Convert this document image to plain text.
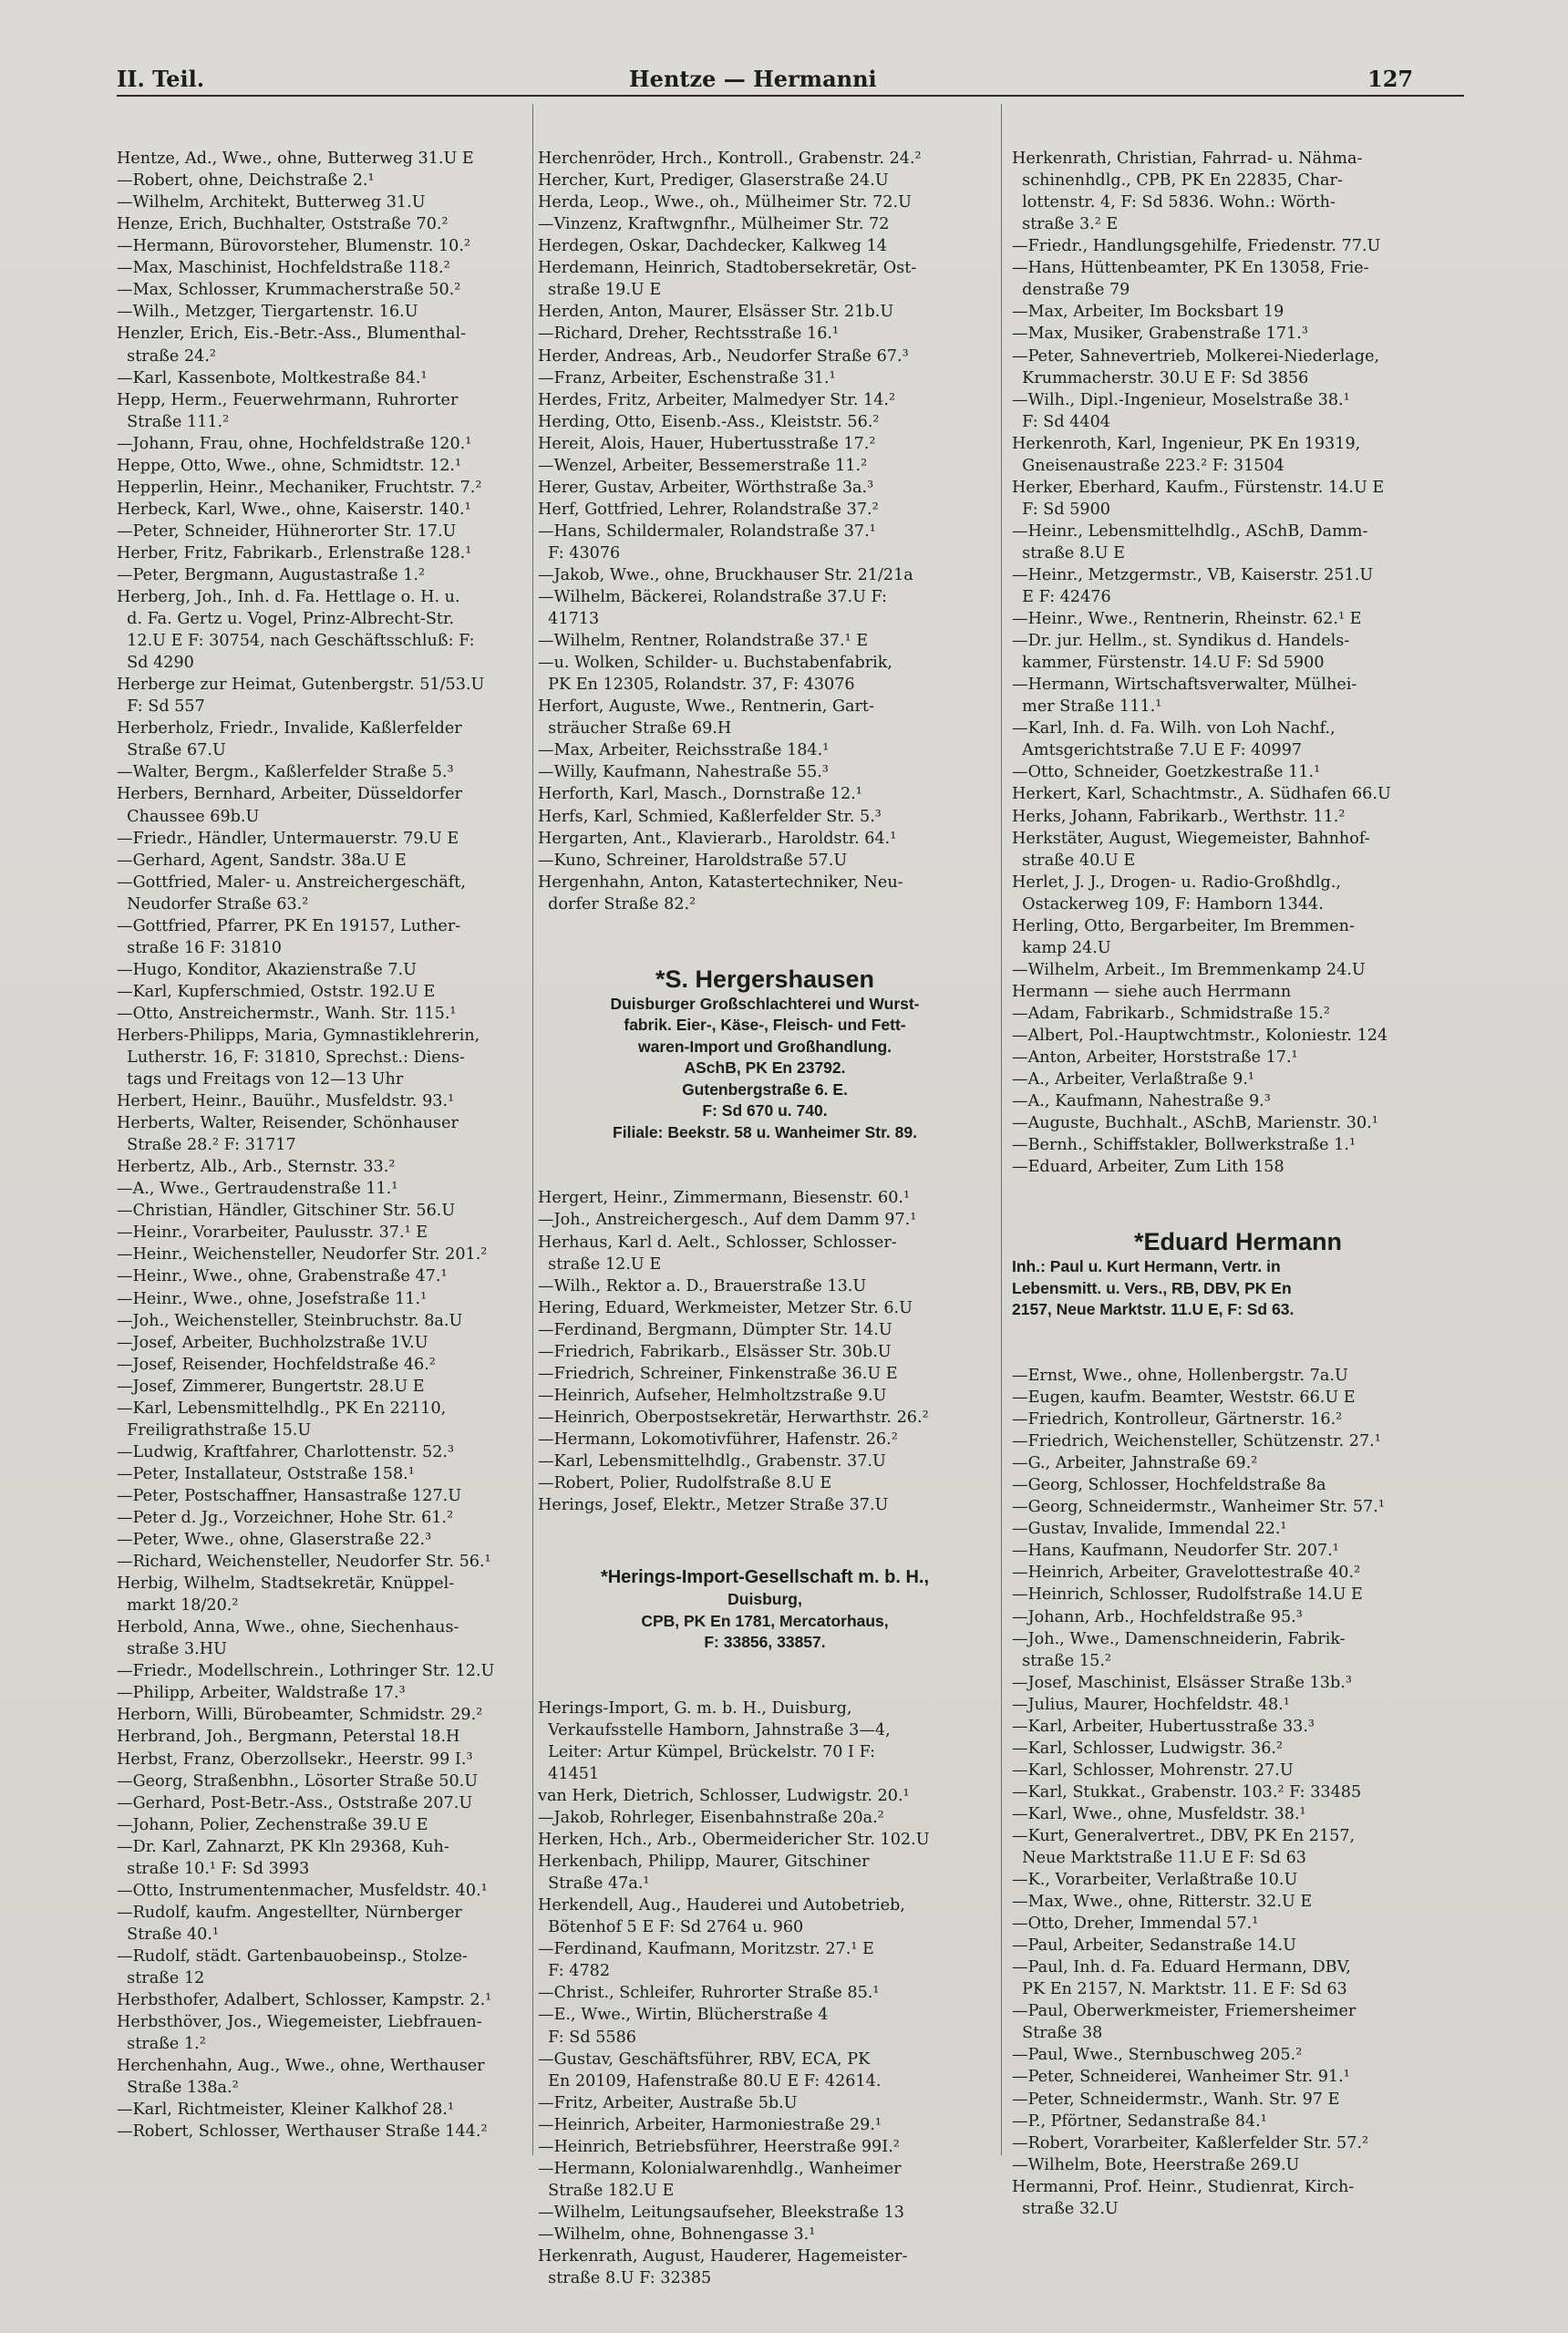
II. Teil.	Hentze — Hermanni	127

Hentze, Ad., Wwe., ohne, Butterweg 31.U E
—Robert, ohne, Deichstraße 2.¹
—Wilhelm, Architekt, Butterweg 31.U
Henze, Erich, Buchhalter, Oststraße 70.²
—Hermann, Bürovorsteher, Blumenstr. 10.²
—Max, Maschinist, Hochfeldstraße 118.²
—Max, Schlosser, Krummacherstraße 50.²
—Wilh., Metzger, Tiergartenstr. 16.U
Henzler, Erich, Eis.-Betr.-Ass., Blumenthal-
straße 24.²
—Karl, Kassenbote, Moltkestraße 84.¹
Hepp, Herm., Feuerwehrmann, Ruhrorter
Straße 111.²
—Johann, Frau, ohne, Hochfeldstraße 120.¹
Heppe, Otto, Wwe., ohne, Schmidtstr. 12.¹
Hepperlin, Heinr., Mechaniker, Fruchtstr. 7.²
Herbeck, Karl, Wwe., ohne, Kaiserstr. 140.¹
—Peter, Schneider, Hühnerorter Str. 17.U
Herber, Fritz, Fabrikarb., Erlenstraße 128.¹
—Peter, Bergmann, Augustastraße 1.²
Herberg, Joh., Inh. d. Fa. Hettlage o. H. u.
d. Fa. Gertz u. Vogel, Prinz-Albrecht-Str.
12.U E F: 30754, nach Geschäftsschluß: F:
Sd 4290
Herberge zur Heimat, Gutenbergstr. 51/53.U
F: Sd 557
Herberholz, Friedr., Invalide, Kaßlerfelder
Straße 67.U
—Walter, Bergm., Kaßlerfelder Straße 5.³
Herbers, Bernhard, Arbeiter, Düsseldorfer
Chaussee 69b.U
—Friedr., Händler, Untermauerstr. 79.U E
—Gerhard, Agent, Sandstr. 38a.U E
—Gottfried, Maler- u. Anstreichergeschäft,
Neudorfer Straße 63.²
—Gottfried, Pfarrer, PK En 19157, Luther-
straße 16 F: 31810
—Hugo, Konditor, Akazienstraße 7.U
—Karl, Kupferschmied, Oststr. 192.U E
—Otto, Anstreichermstr., Wanh. Str. 115.¹
Herbers-Philipps, Maria, Gymnastiklehrerin,
Lutherstr. 16, F: 31810, Sprechst.: Diens-
tags und Freitags von 12—13 Uhr
Herbert, Heinr., Bauühr., Musfeldstr. 93.¹
Herberts, Walter, Reisender, Schönhauser
Straße 28.² F: 31717
Herbertz, Alb., Arb., Sternstr. 33.²
—A., Wwe., Gertraudenstraße 11.¹
—Christian, Händler, Gitschiner Str. 56.U
—Heinr., Vorarbeiter, Paulusstr. 37.¹ E
—Heinr., Weichensteller, Neudorfer Str. 201.²
—Heinr., Wwe., ohne, Grabenstraße 47.¹
—Heinr., Wwe., ohne, Josefstraße 11.¹
—Joh., Weichensteller, Steinbruchstr. 8a.U
—Josef, Arbeiter, Buchholzstraße 1V.U
—Josef, Reisender, Hochfeldstraße 46.²
—Josef, Zimmerer, Bungertstr. 28.U E
—Karl, Lebensmittelhdlg., PK En 22110,
Freiligrathstraße 15.U
—Ludwig, Kraftfahrer, Charlottenstr. 52.³
—Peter, Installateur, Oststraße 158.¹
—Peter, Postschaffner, Hansastraße 127.U
—Peter d. Jg., Vorzeichner, Hohe Str. 61.²
—Peter, Wwe., ohne, Glaserstraße 22.³
—Richard, Weichensteller, Neudorfer Str. 56.¹
Herbig, Wilhelm, Stadtsekretär, Knüppel-
markt 18/20.²
Herbold, Anna, Wwe., ohne, Siechenhaus-
straße 3.HU
—Friedr., Modellschrein., Lothringer Str. 12.U
—Philipp, Arbeiter, Waldstraße 17.³
Herborn, Willi, Bürobeamter, Schmidstr. 29.²
Herbrand, Joh., Bergmann, Peterstal 18.H
Herbst, Franz, Oberzollsekr., Heerstr. 99 I.³
—Georg, Straßenbhn., Lösorter Straße 50.U
—Gerhard, Post-Betr.-Ass., Oststraße 207.U
—Johann, Polier, Zechenstraße 39.U E
—Dr. Karl, Zahnarzt, PK Kln 29368, Kuh-
straße 10.¹ F: Sd 3993
—Otto, Instrumentenmacher, Musfeldstr. 40.¹
—Rudolf, kaufm. Angestellter, Nürnberger
Straße 40.¹
—Rudolf, städt. Gartenbauobeinsp., Stolze-
straße 12
Herbsthofer, Adalbert, Schlosser, Kampstr. 2.¹
Herbsthöver, Jos., Wiegemeister, Liebfrauen-
straße 1.²
Herchenhahn, Aug., Wwe., ohne, Werthauser
Straße 138a.²
—Karl, Richtmeister, Kleiner Kalkhof 28.¹
—Robert, Schlosser, Werthauser Straße 144.²

Herchenröder, Hrch., Kontroll., Grabenstr. 24.²
Hercher, Kurt, Prediger, Glaserstraße 24.U
Herda, Leop., Wwe., oh., Mülheimer Str. 72.U
—Vinzenz, Kraftwgnfhr., Mülheimer Str. 72
Herdegen, Oskar, Dachdecker, Kalkweg 14
Herdemann, Heinrich, Stadtobersekretär, Ost-
straße 19.U E
Herden, Anton, Maurer, Elsässer Str. 21b.U
—Richard, Dreher, Rechtsstraße 16.¹
Herder, Andreas, Arb., Neudorfer Straße 67.³
—Franz, Arbeiter, Eschenstraße 31.¹
Herdes, Fritz, Arbeiter, Malmedyer Str. 14.²
Herding, Otto, Eisenb.-Ass., Kleiststr. 56.²
Hereit, Alois, Hauer, Hubertusstraße 17.²
—Wenzel, Arbeiter, Bessemerstraße 11.²
Herer, Gustav, Arbeiter, Wörthstraße 3a.³
Herf, Gottfried, Lehrer, Rolandstraße 37.²
—Hans, Schildermaler, Rolandstraße 37.¹
F: 43076
—Jakob, Wwe., ohne, Bruckhauser Str. 21/21a
—Wilhelm, Bäckerei, Rolandstraße 37.U F:
41713
—Wilhelm, Rentner, Rolandstraße 37.¹ E
—u. Wolken, Schilder- u. Buchstabenfabrik,
PK En 12305, Rolandstr. 37, F: 43076
Herfort, Auguste, Wwe., Rentnerin, Gart-
sträucher Straße 69.H
—Max, Arbeiter, Reichsstraße 184.¹
—Willy, Kaufmann, Nahestraße 55.³
Herforth, Karl, Masch., Dornstraße 12.¹
Herfs, Karl, Schmied, Kaßlerfelder Str. 5.³
Hergarten, Ant., Klavierarb., Haroldstr. 64.¹
—Kuno, Schreiner, Haroldstraße 57.U
Hergenhahn, Anton, Katastertechniker, Neu-
dorfer Straße 82.²

*S. Hergershausen
Duisburger Großschlachterei und Wurst-
fabrik. Eier-, Käse-, Fleisch- und Fett-
waren-Import und Großhandlung.
ASchB, PK En 23792.
Gutenbergstraße 6. E.
F: Sd 670 u. 740.
Filiale: Beekstr. 58 u. Wanheimer Str. 89.

Hergert, Heinr., Zimmermann, Biesenstr. 60.¹
—Joh., Anstreichergesch., Auf dem Damm 97.¹
Herhaus, Karl d. Aelt., Schlosser, Schlosser-
straße 12.U E
—Wilh., Rektor a. D., Brauerstraße 13.U
Hering, Eduard, Werkmeister, Metzer Str. 6.U
—Ferdinand, Bergmann, Dümpter Str. 14.U
—Friedrich, Fabrikarb., Elsässer Str. 30b.U
—Friedrich, Schreiner, Finkenstraße 36.U E
—Heinrich, Aufseher, Helmholtzstraße 9.U
—Heinrich, Oberpostsekretär, Herwarthstr. 26.²
—Hermann, Lokomotivführer, Hafenstr. 26.²
—Karl, Lebensmittelhdlg., Grabenstr. 37.U
—Robert, Polier, Rudolfstraße 8.U E
Herings, Josef, Elektr., Metzer Straße 37.U

*Herings-Import-Gesellschaft m. b. H.,
Duisburg,
CPB, PK En 1781, Mercatorhaus,
F: 33856, 33857.

Herings-Import, G. m. b. H., Duisburg,
Verkaufsstelle Hamborn, Jahnstraße 3—4,
Leiter: Artur Kümpel, Brückelstr. 70 I F:
41451
van Herk, Dietrich, Schlosser, Ludwigstr. 20.¹
—Jakob, Rohrleger, Eisenbahnstraße 20a.²
Herken, Hch., Arb., Obermeidericher Str. 102.U
Herkenbach, Philipp, Maurer, Gitschiner
Straße 47a.¹
Herkendell, Aug., Hauderei und Autobetrieb,
Bötenhof 5 E F: Sd 2764 u. 960
—Ferdinand, Kaufmann, Moritzstr. 27.¹ E
F: 4782
—Christ., Schleifer, Ruhrorter Straße 85.¹
—E., Wwe., Wirtin, Blücherstraße 4
F: Sd 5586
—Gustav, Geschäftsführer, RBV, ECA, PK
En 20109, Hafenstraße 80.U E F: 42614.
—Fritz, Arbeiter, Austraße 5b.U
—Heinrich, Arbeiter, Harmoniestraße 29.¹
—Heinrich, Betriebsführer, Heerstraße 99I.²
—Hermann, Kolonialwarenhdlg., Wanheimer
Straße 182.U E
—Wilhelm, Leitungsaufseher, Bleekstraße 13
—Wilhelm, ohne, Bohnengasse 3.¹
Herkenrath, August, Hauderer, Hagemeister-
straße 8.U F: 32385

Herkenrath, Christian, Fahrrad- u. Nähma-
schinenhdlg., CPB, PK En 22835, Char-
lottenstr. 4, F: Sd 5836. Wohn.: Wörth-
straße 3.² E
—Friedr., Handlungsgehilfe, Friedenstr. 77.U
—Hans, Hüttenbeamter, PK En 13058, Frie-
denstraße 79
—Max, Arbeiter, Im Bocksbart 19
—Max, Musiker, Grabenstraße 171.³
—Peter, Sahnevertrieb, Molkerei-Niederlage,
Krummacherstr. 30.U E F: Sd 3856
—Wilh., Dipl.-Ingenieur, Moselstraße 38.¹
F: Sd 4404
Herkenroth, Karl, Ingenieur, PK En 19319,
Gneisenaustraße 223.² F: 31504
Herker, Eberhard, Kaufm., Fürstenstr. 14.U E
F: Sd 5900
—Heinr., Lebensmittelhdlg., ASchB, Damm-
straße 8.U E
—Heinr., Metzgermstr., VB, Kaiserstr. 251.U
E F: 42476
—Heinr., Wwe., Rentnerin, Rheinstr. 62.¹ E
—Dr. jur. Hellm., st. Syndikus d. Handels-
kammer, Fürstenstr. 14.U F: Sd 5900
—Hermann, Wirtschaftsverwalter, Mülhei-
mer Straße 111.¹
—Karl, Inh. d. Fa. Wilh. von Loh Nachf.,
Amtsgerichtstraße 7.U E F: 40997
—Otto, Schneider, Goetzkestraße 11.¹
Herkert, Karl, Schachtmstr., A. Südhafen 66.U
Herks, Johann, Fabrikarb., Werthstr. 11.²
Herkstäter, August, Wiegemeister, Bahnhof-
straße 40.U E
Herlet, J. J., Drogen- u. Radio-Großhdlg.,
Ostackerweg 109, F: Hamborn 1344.
Herling, Otto, Bergarbeiter, Im Bremmen-
kamp 24.U
—Wilhelm, Arbeit., Im Bremmenkamp 24.U
Hermann — siehe auch Herrmann
—Adam, Fabrikarb., Schmidstraße 15.²
—Albert, Pol.-Hauptwchtmstr., Koloniestr. 124
—Anton, Arbeiter, Horststraße 17.¹
—A., Arbeiter, Verlaßtraße 9.¹
—A., Kaufmann, Nahestraße 9.³
—Auguste, Buchhalt., ASchB, Marienstr. 30.¹
—Bernh., Schiffstakler, Bollwerkstraße 1.¹
—Eduard, Arbeiter, Zum Lith 158

*Eduard Hermann
Inh.: Paul u. Kurt Hermann, Vertr. in
Lebensmitt. u. Vers., RB, DBV, PK En
2157, Neue Marktstr. 11.U E, F: Sd 63.

—Ernst, Wwe., ohne, Hollenbergstr. 7a.U
—Eugen, kaufm. Beamter, Weststr. 66.U E
—Friedrich, Kontrolleur, Gärtnerstr. 16.²
—Friedrich, Weichensteller, Schützenstr. 27.¹
—G., Arbeiter, Jahnstraße 69.²
—Georg, Schlosser, Hochfeldstraße 8a
—Georg, Schneidermstr., Wanheimer Str. 57.¹
—Gustav, Invalide, Immendal 22.¹
—Hans, Kaufmann, Neudorfer Str. 207.¹
—Heinrich, Arbeiter, Gravelottestraße 40.²
—Heinrich, Schlosser, Rudolfstraße 14.U E
—Johann, Arb., Hochfeldstraße 95.³
—Joh., Wwe., Damenschneiderin, Fabrik-
straße 15.²
—Josef, Maschinist, Elsässer Straße 13b.³
—Julius, Maurer, Hochfeldstr. 48.¹
—Karl, Arbeiter, Hubertusstraße 33.³
—Karl, Schlosser, Ludwigstr. 36.²
—Karl, Schlosser, Mohrenstr. 27.U
—Karl, Stukkat., Grabenstr. 103.² F: 33485
—Karl, Wwe., ohne, Musfeldstr. 38.¹
—Kurt, Generalvertret., DBV, PK En 2157,
Neue Marktstraße 11.U E F: Sd 63
—K., Vorarbeiter, Verlaßtraße 10.U
—Max, Wwe., ohne, Ritterstr. 32.U E
—Otto, Dreher, Immendal 57.¹
—Paul, Arbeiter, Sedanstraße 14.U
—Paul, Inh. d. Fa. Eduard Hermann, DBV,
PK En 2157, N. Marktstr. 11. E F: Sd 63
—Paul, Oberwerkmeister, Friemersheimer
Straße 38
—Paul, Wwe., Sternbuschweg 205.²
—Peter, Schneiderei, Wanheimer Str. 91.¹
—Peter, Schneidermstr., Wanh. Str. 97 E
—P., Pförtner, Sedanstraße 84.¹
—Robert, Vorarbeiter, Kaßlerfelder Str. 57.²
—Wilhelm, Bote, Heerstraße 269.U
Hermanni, Prof. Heinr., Studienrat, Kirch-
straße 32.U
